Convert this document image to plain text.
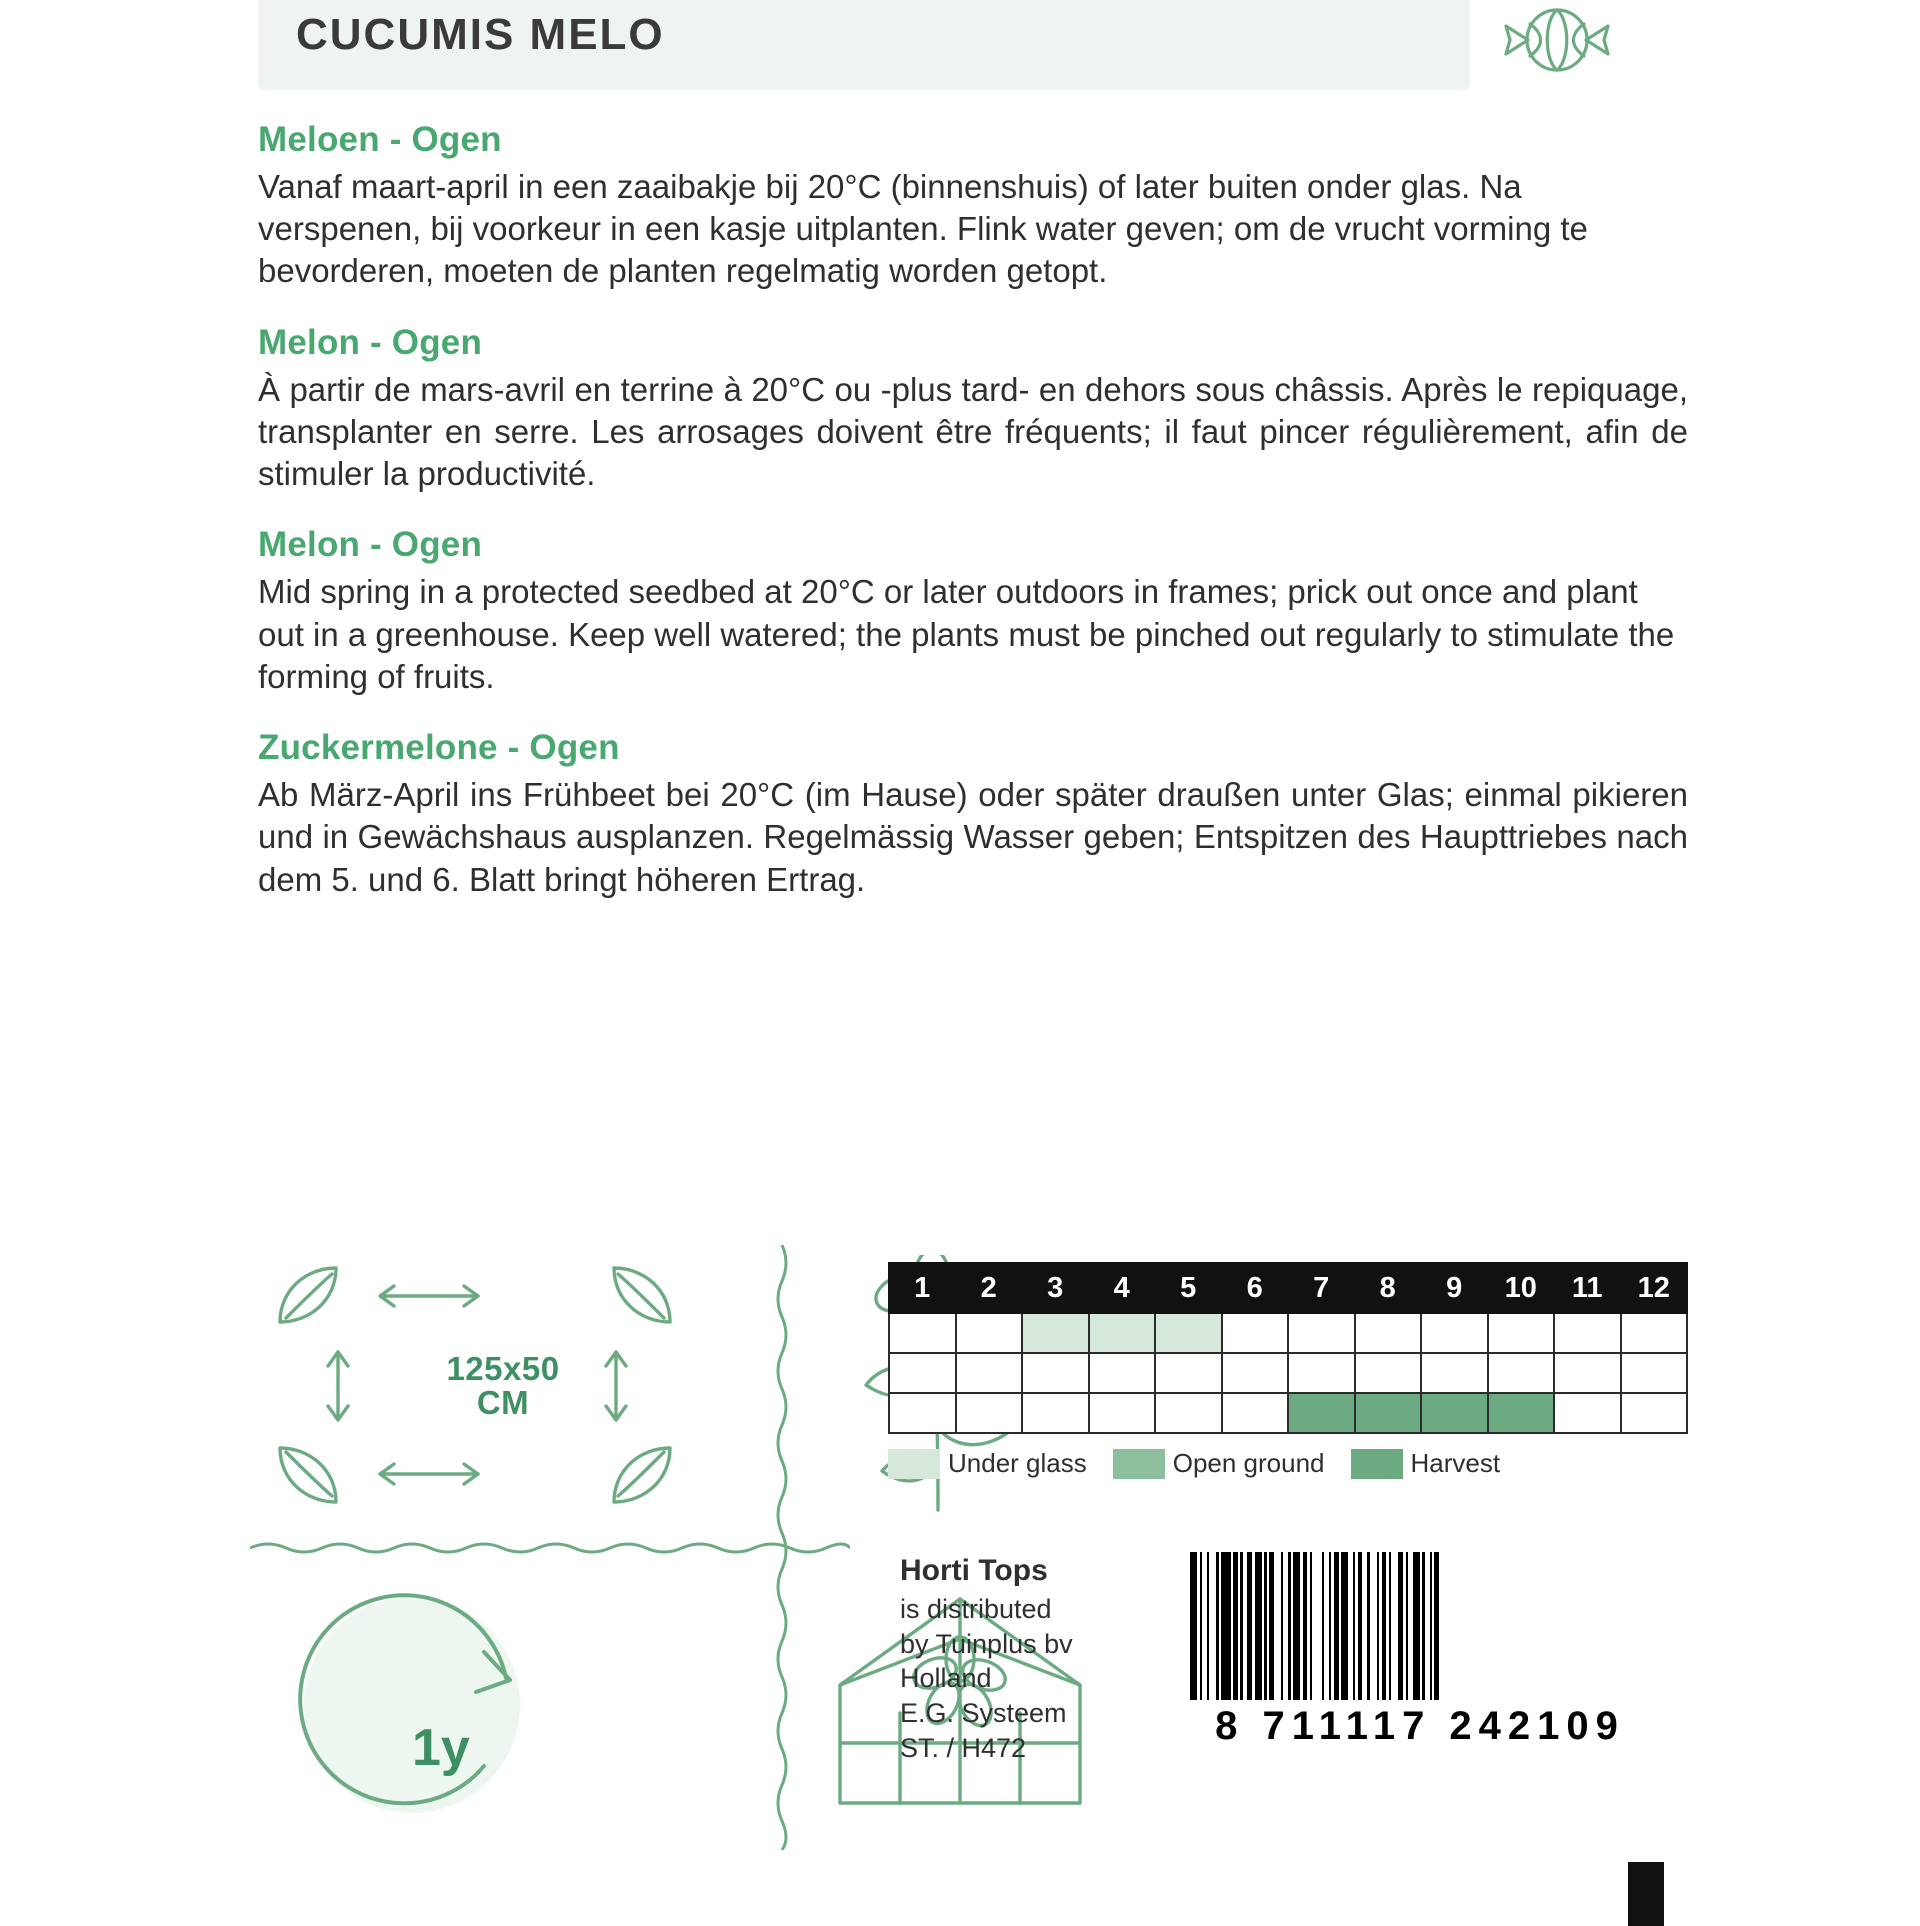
CUCUMIS MELO
Meloen - Ogen

Vanaf maart-april in een zaaibakje bij 20°C (binnenshuis) of later buiten onder glas. Na verspenen, bij voorkeur in een kasje uitplanten. Flink water geven; om de vrucht vorming te bevorderen, moeten de planten regelmatig worden getopt.

Melon - Ogen

À partir de mars-avril en terrine à 20°C ou -plus tard- en dehors sous châssis. Après le repiquage, transplanter en serre. Les arrosages doivent être fréquents; il faut pincer régulièrement, afin de stimuler la productivité.

Melon - Ogen

Mid spring in a protected seedbed at 20°C or later outdoors in frames; prick out once and plant out in a greenhouse. Keep well watered; the plants must be pinched out regularly to stimulate the forming of fruits.

Zuckermelone - Ogen

Ab März-April ins Frühbeet bei 20°C (im Hause) oder später draußen unter Glas; einmal pikieren und in Gewächshaus ausplanzen. Regelmässig Wasser geben; Entspitzen des Haupttriebes nach dem 5. und 6. Blatt bringt höheren Ertrag.

125x50
CM
1y
1	2	3	4	5	6	7	8	9	10	11	12

Under glass	Open ground	Harvest
Horti Tops
is distributed
by Tuinplus bv
Holland
E.G. Systeem
ST. / H472	8 711117 242109
